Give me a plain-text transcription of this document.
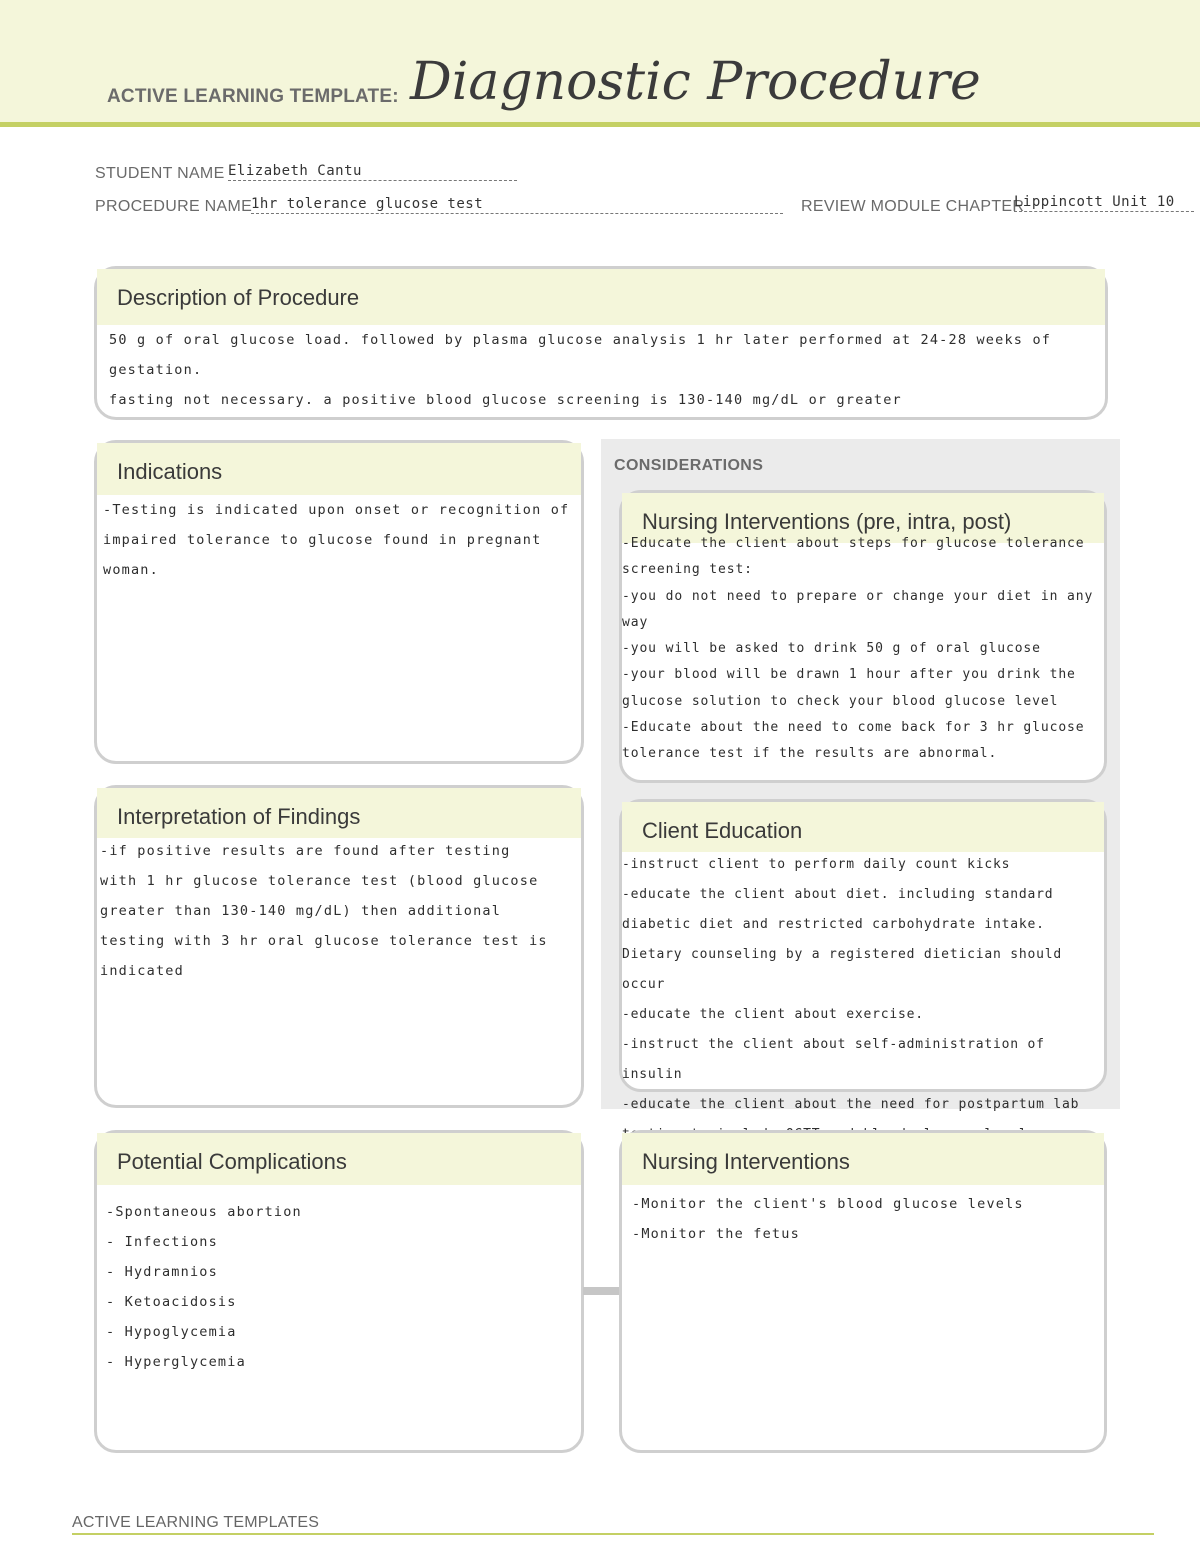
ACTIVE LEARNING TEMPLATE: Diagnostic Procedure
STUDENT NAME Elizabeth Cantu
PROCEDURE NAME
1hr tolerance glucose test	REVIEW MODULE CHAPTER
Lippincott Unit 10
Description of Procedure
50 g of oral glucose load. followed by plasma glucose analysis 1 hr later performed at 24-28 weeks of gestation.
fasting not necessary. a positive blood glucose screening is 130-140 mg/dL or greater
Indications
-Testing is indicated upon onset or recognition of
impaired tolerance to glucose found in pregnant
woman.
CONSIDERATIONS
Nursing Interventions (pre, intra, post)
-Educate the client about steps for glucose tolerance
screening test:
-you do not need to prepare or change your diet in any
way
-you will be asked to drink 50 g of oral glucose
-your blood will be drawn 1 hour after you drink the
glucose solution to check your blood glucose level
-Educate about the need to come back for 3 hr glucose
tolerance test if the results are abnormal.
Interpretation of Findings
-if positive results are found after testing
with 1 hr glucose tolerance test (blood glucose
greater than 130-140 mg/dL) then additional
testing with 3 hr oral glucose tolerance test is
indicated
Client Education
-instruct client to perform daily count kicks
-educate the client about diet. including standard
diabetic diet and restricted carbohydrate intake.
Dietary counseling by a registered dietician should occur
-educate the client about exercise.
-instruct the client about self-administration of insulin
-educate the client about the need for postpartum lab

Potential Complications
-Spontaneous abortion
- Infections
- Hydramnios
- Ketoacidosis
- Hypoglycemia
- Hyperglycemia
Nursing Interventions
-Monitor the client's blood glucose levels
-Monitor the fetus
ACTIVE LEARNING TEMPLATES
